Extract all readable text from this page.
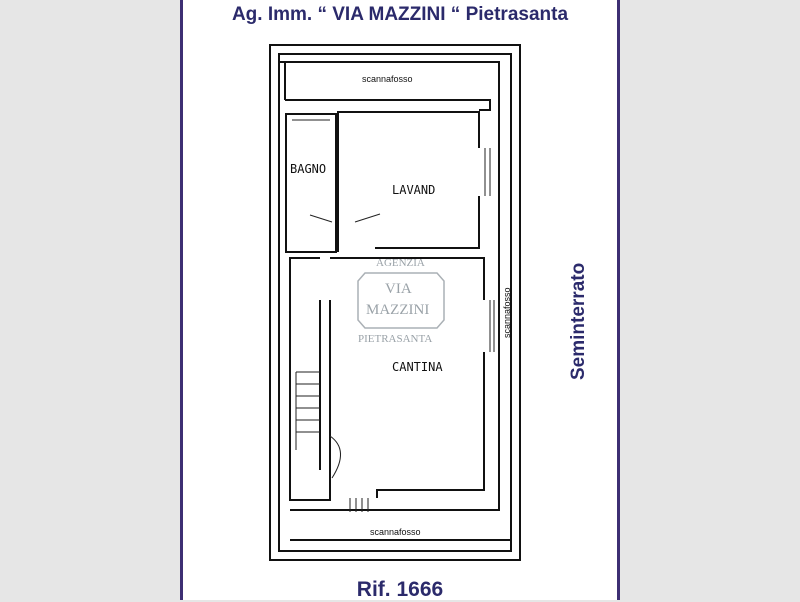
Ag. Imm. “ VIA MAZZINI “ Pietrasanta
Rif. 1666
scannafosso
scannafosso
scannafosso
BAGNO
LAVAND
CANTINA
AGENZIA
VIA
MAZZINI
PIETRASANTA	Seminterrato
